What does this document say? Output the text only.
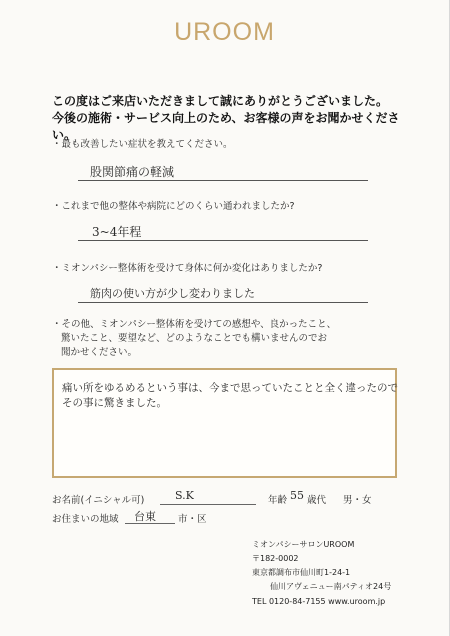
UROOM
この度はご来店いただきまして誠にありがとうございました。
今後の施術・サービス向上のため、お客様の声をお聞かせください。
・最も改善したい症状を教えてください。
股関節痛の軽減
・これまで他の整体や病院にどのくらい通われましたか?
3~4年程
・ミオンパシー整体術を受けて身体に何か変化はありましたか?
筋肉の使い方が少し変わりました
・その他、ミオンパシー整体術を受けての感想や、良かったこと、
驚いたこと、要望など、どのようなことでも構いませんのでお
聞かせください。
痛い所をゆるめるという事は、今まで思っていたことと全く違ったので
その事に驚きました。
お名前(イニシャル可)	S.K	年齢 55 歳代 男・女
お住まいの地域 台東 市・区
ミオンパシーサロンUROOM
〒182-0002
東京都調布市仙川町1-24-1
仙川アヴェニュー南パティオ24号
TEL 0120-84-7155 www.uroom.jp
